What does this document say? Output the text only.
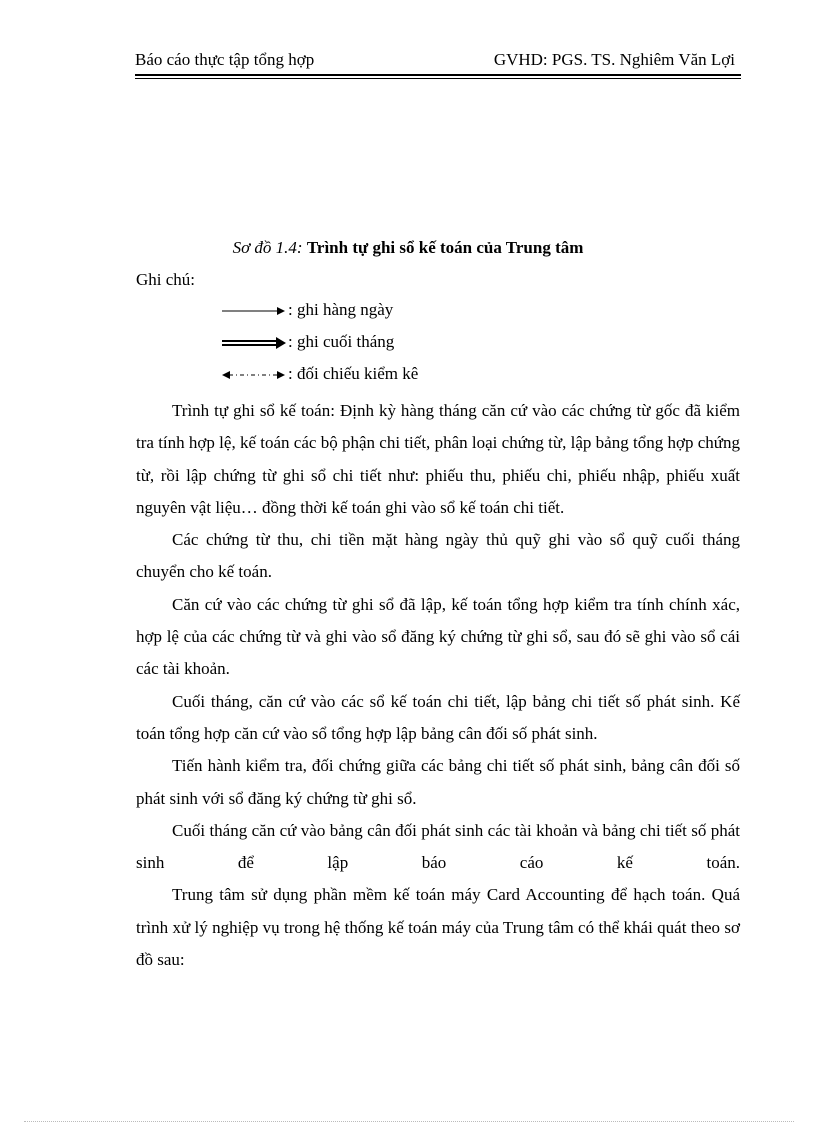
Báo cáo thực tập tổng hợp	GVHD: PGS. TS. Nghiêm Văn Lợi
Sơ đồ 1.4: Trình tự ghi sổ kế toán của Trung tâm
Ghi chú:
: ghi hàng ngày
: ghi cuối tháng
: đối chiếu kiểm kê

Trình tự ghi sổ kế toán: Định kỳ hàng tháng căn cứ vào các chứng từ gốc đã kiểm tra tính hợp lệ, kế toán các bộ phận chi tiết, phân loại chứng từ, lập bảng tổng hợp chứng từ, rồi lập chứng từ ghi sổ chi tiết như: phiếu thu, phiếu chi, phiếu nhập, phiếu xuất nguyên vật liệu… đồng thời kế toán ghi vào sổ kế toán chi tiết.

Các chứng từ thu, chi tiền mặt hàng ngày thủ quỹ ghi vào sổ quỹ cuối tháng chuyển cho kế toán.

Căn cứ vào các chứng từ ghi sổ đã lập, kế toán tổng hợp kiểm tra tính chính xác, hợp lệ của các chứng từ và ghi vào sổ đăng ký chứng từ ghi sổ, sau đó sẽ ghi vào sổ cái các tài khoản.

Cuối tháng, căn cứ vào các sổ kế toán chi tiết, lập bảng chi tiết số phát sinh. Kế toán tổng hợp căn cứ vào sổ tổng hợp lập bảng cân đối số phát sinh.

Tiến hành kiểm tra, đối chứng giữa các bảng chi tiết số phát sinh, bảng cân đối số phát sinh với sổ đăng ký chứng từ ghi sổ.

Cuối tháng căn cứ vào bảng cân đối phát sinh các tài khoản và bảng chi tiết số phát sinh để lập báo cáo kế toán.

Trung tâm sử dụng phần mềm kế toán máy Card Accounting để hạch toán. Quá trình xử lý nghiệp vụ trong hệ thống kế toán máy của Trung tâm có thể khái quát theo sơ đồ sau:
